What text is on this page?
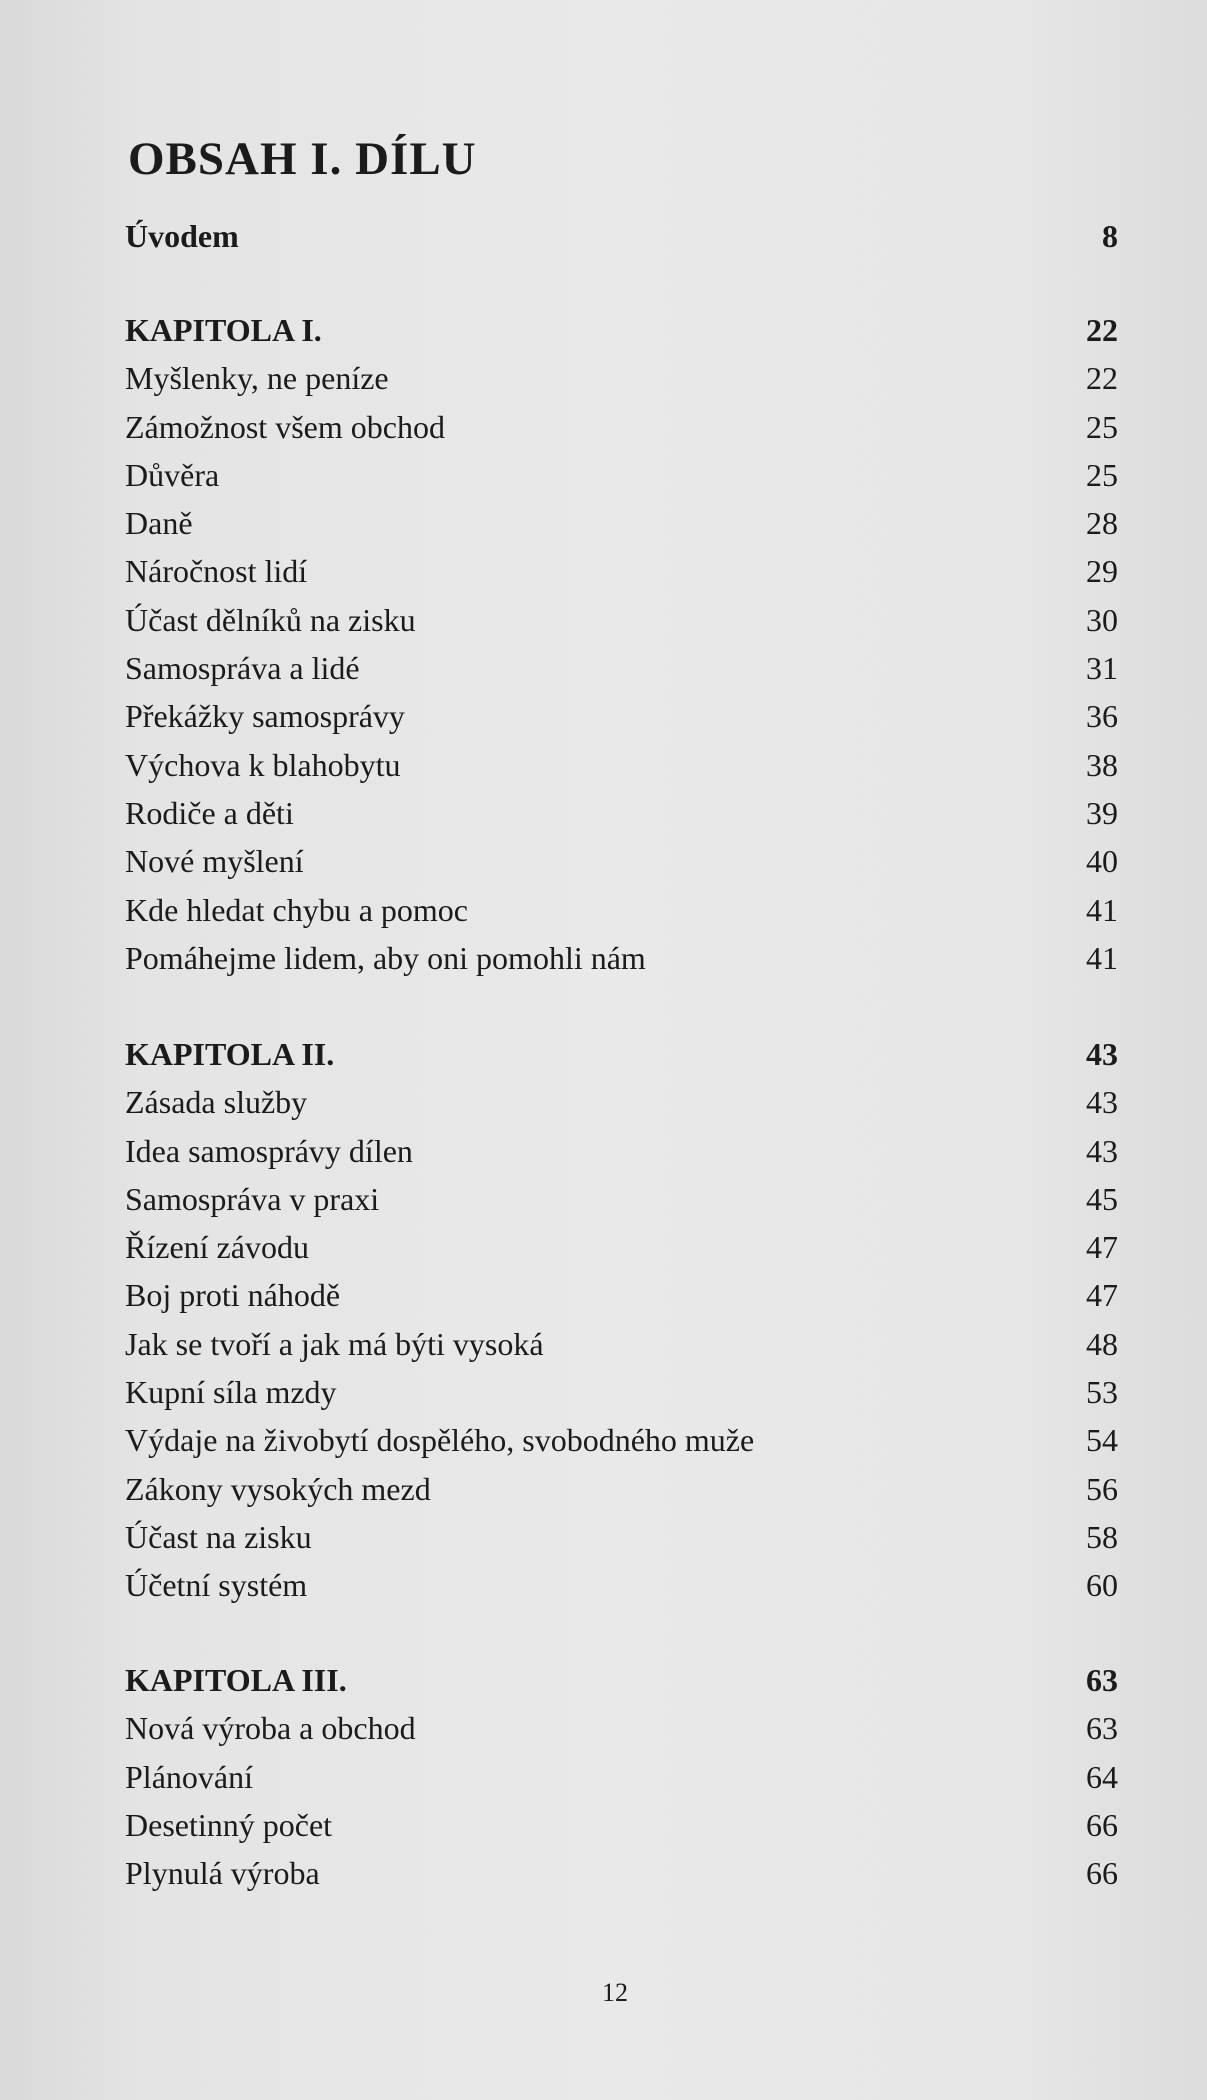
OBSAH I. DÍLU
Úvodem	8
KAPITOLA I.	22
Myšlenky, ne peníze	22
Zámožnost všem obchod	25
Důvěra	25
Daně	28
Náročnost lidí	29
Účast dělníků na zisku	30
Samospráva a lidé	31
Překážky samosprávy	36
Výchova k blahobytu	38
Rodiče a děti	39
Nové myšlení	40
Kde hledat chybu a pomoc	41
Pomáhejme lidem, aby oni pomohli nám	41
KAPITOLA II.	43
Zásada služby	43
Idea samosprávy dílen	43
Samospráva v praxi	45
Řízení závodu	47
Boj proti náhodě	47
Jak se tvoří a jak má býti vysoká	48
Kupní síla mzdy	53
Výdaje na živobytí dospělého, svobodného muže	54
Zákony vysokých mezd	56
Účast na zisku	58
Účetní systém	60
KAPITOLA III.	63
Nová výroba a obchod	63
Plánování	64
Desetinný počet	66
Plynulá výroba	66
12
